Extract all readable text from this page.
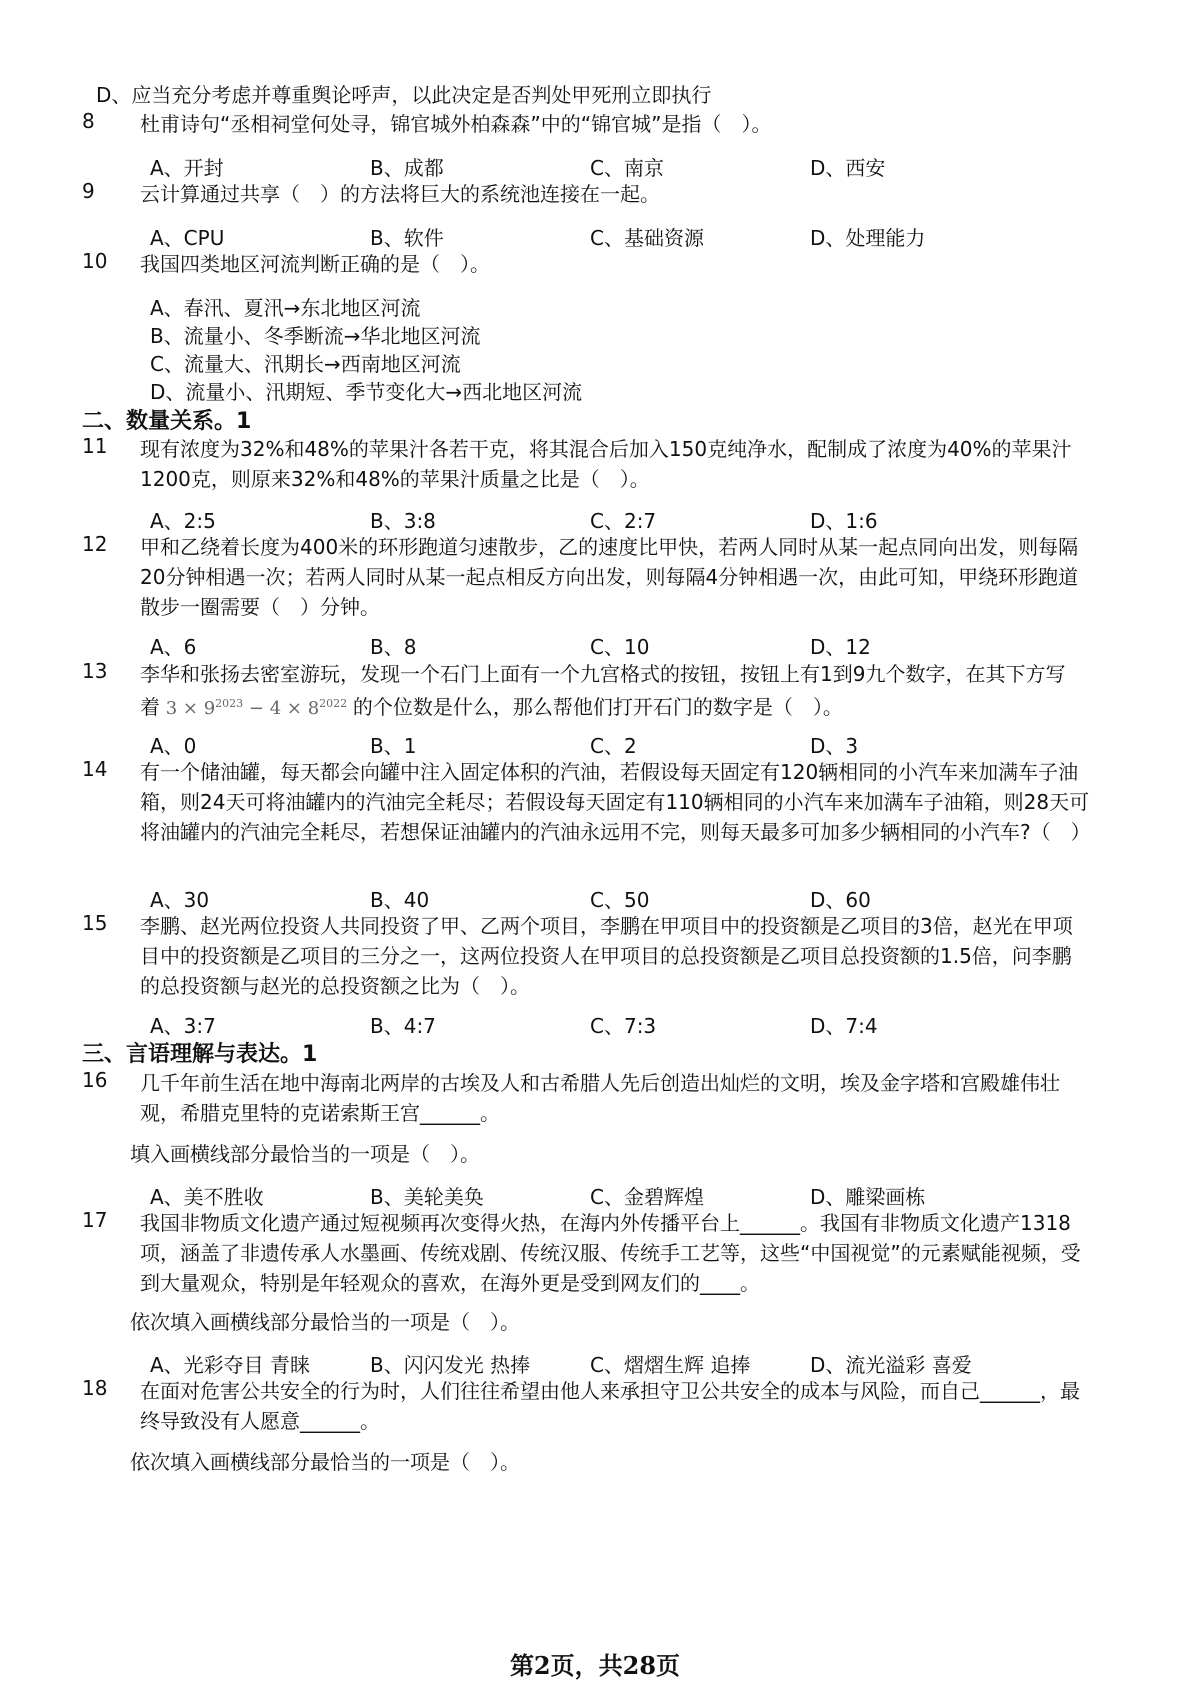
D、应当充分考虑并尊重舆论呼声，以此决定是否判处甲死刑立即执行
8	杜甫诗句“丞相祠堂何处寻，锦官城外柏森森”中的“锦官城”是指（　）。
A、开封	B、成都	C、南京	D、西安
9	云计算通过共享（　）的方法将巨大的系统池连接在一起。
A、CPU	B、软件	C、基础资源	D、处理能力
10	我国四类地区河流判断正确的是（　）。
A、春汛、夏汛→东北地区河流
B、流量小、冬季断流→华北地区河流
C、流量大、汛期长→西南地区河流
D、流量小、汛期短、季节变化大→西北地区河流
二、数量关系。1
11	现有浓度为32%和48%的苹果汁各若干克，将其混合后加入150克纯净水，配制成了浓度为40%的苹果汁1200克，则原来32%和48%的苹果汁质量之比是（　）。
A、2:5	B、3:8	C、2:7	D、1:6
12	甲和乙绕着长度为400米的环形跑道匀速散步，乙的速度比甲快，若两人同时从某一起点同向出发，则每隔20分钟相遇一次；若两人同时从某一起点相反方向出发，则每隔4分钟相遇一次，由此可知，甲绕环形跑道散步一圈需要（　）分钟。
A、6	B、8	C、10	D、12
13	李华和张扬去密室游玩，发现一个石门上面有一个九宫格式的按钮，按钮上有1到9九个数字，在其下方写着 $3 \times 9^{2023} - 4 \times 8^{2022}$ 的个位数是什么，那么帮他们打开石门的数字是（　）。
A、0	B、1	C、2	D、3
14	有一个储油罐，每天都会向罐中注入固定体积的汽油，若假设每天固定有120辆相同的小汽车来加满车子油箱，则24天可将油罐内的汽油完全耗尽；若假设每天固定有110辆相同的小汽车来加满车子油箱，则28天可将油罐内的汽油完全耗尽，若想保证油罐内的汽油永远用不完，则每天最多可加多少辆相同的小汽车?（　）
A、30	B、40	C、50	D、60
15	李鹏、赵光两位投资人共同投资了甲、乙两个项目，李鹏在甲项目中的投资额是乙项目的3倍，赵光在甲项目中的投资额是乙项目的三分之一，这两位投资人在甲项目的总投资额是乙项目总投资额的1.5倍，问李鹏的总投资额与赵光的总投资额之比为（　）。
A、3:7	B、4:7	C、7:3	D、7:4
三、言语理解与表达。1
16	几千年前生活在地中海南北两岸的古埃及人和古希腊人先后创造出灿烂的文明，埃及金字塔和宫殿雄伟壮观，希腊克里特的克诺索斯王宫______。
填入画横线部分最恰当的一项是（　）。
A、美不胜收	B、美轮美奂	C、金碧辉煌	D、雕梁画栋
17	我国非物质文化遗产通过短视频再次变得火热，在海内外传播平台上______。我国有非物质文化遗产1318项，涵盖了非遗传承人水墨画、传统戏剧、传统汉服、传统手工艺等，这些“中国视觉”的元素赋能视频，受到大量观众，特别是年轻观众的喜欢，在海外更是受到网友们的____。
依次填入画横线部分最恰当的一项是（　）。
A、光彩夺目 青睐	B、闪闪发光 热捧	C、熠熠生辉 追捧	D、流光溢彩 喜爱
18	在面对危害公共安全的行为时，人们往往希望由他人来承担守卫公共安全的成本与风险，而自己______，最终导致没有人愿意______。
依次填入画横线部分最恰当的一项是（　）。
第2页，共28页
